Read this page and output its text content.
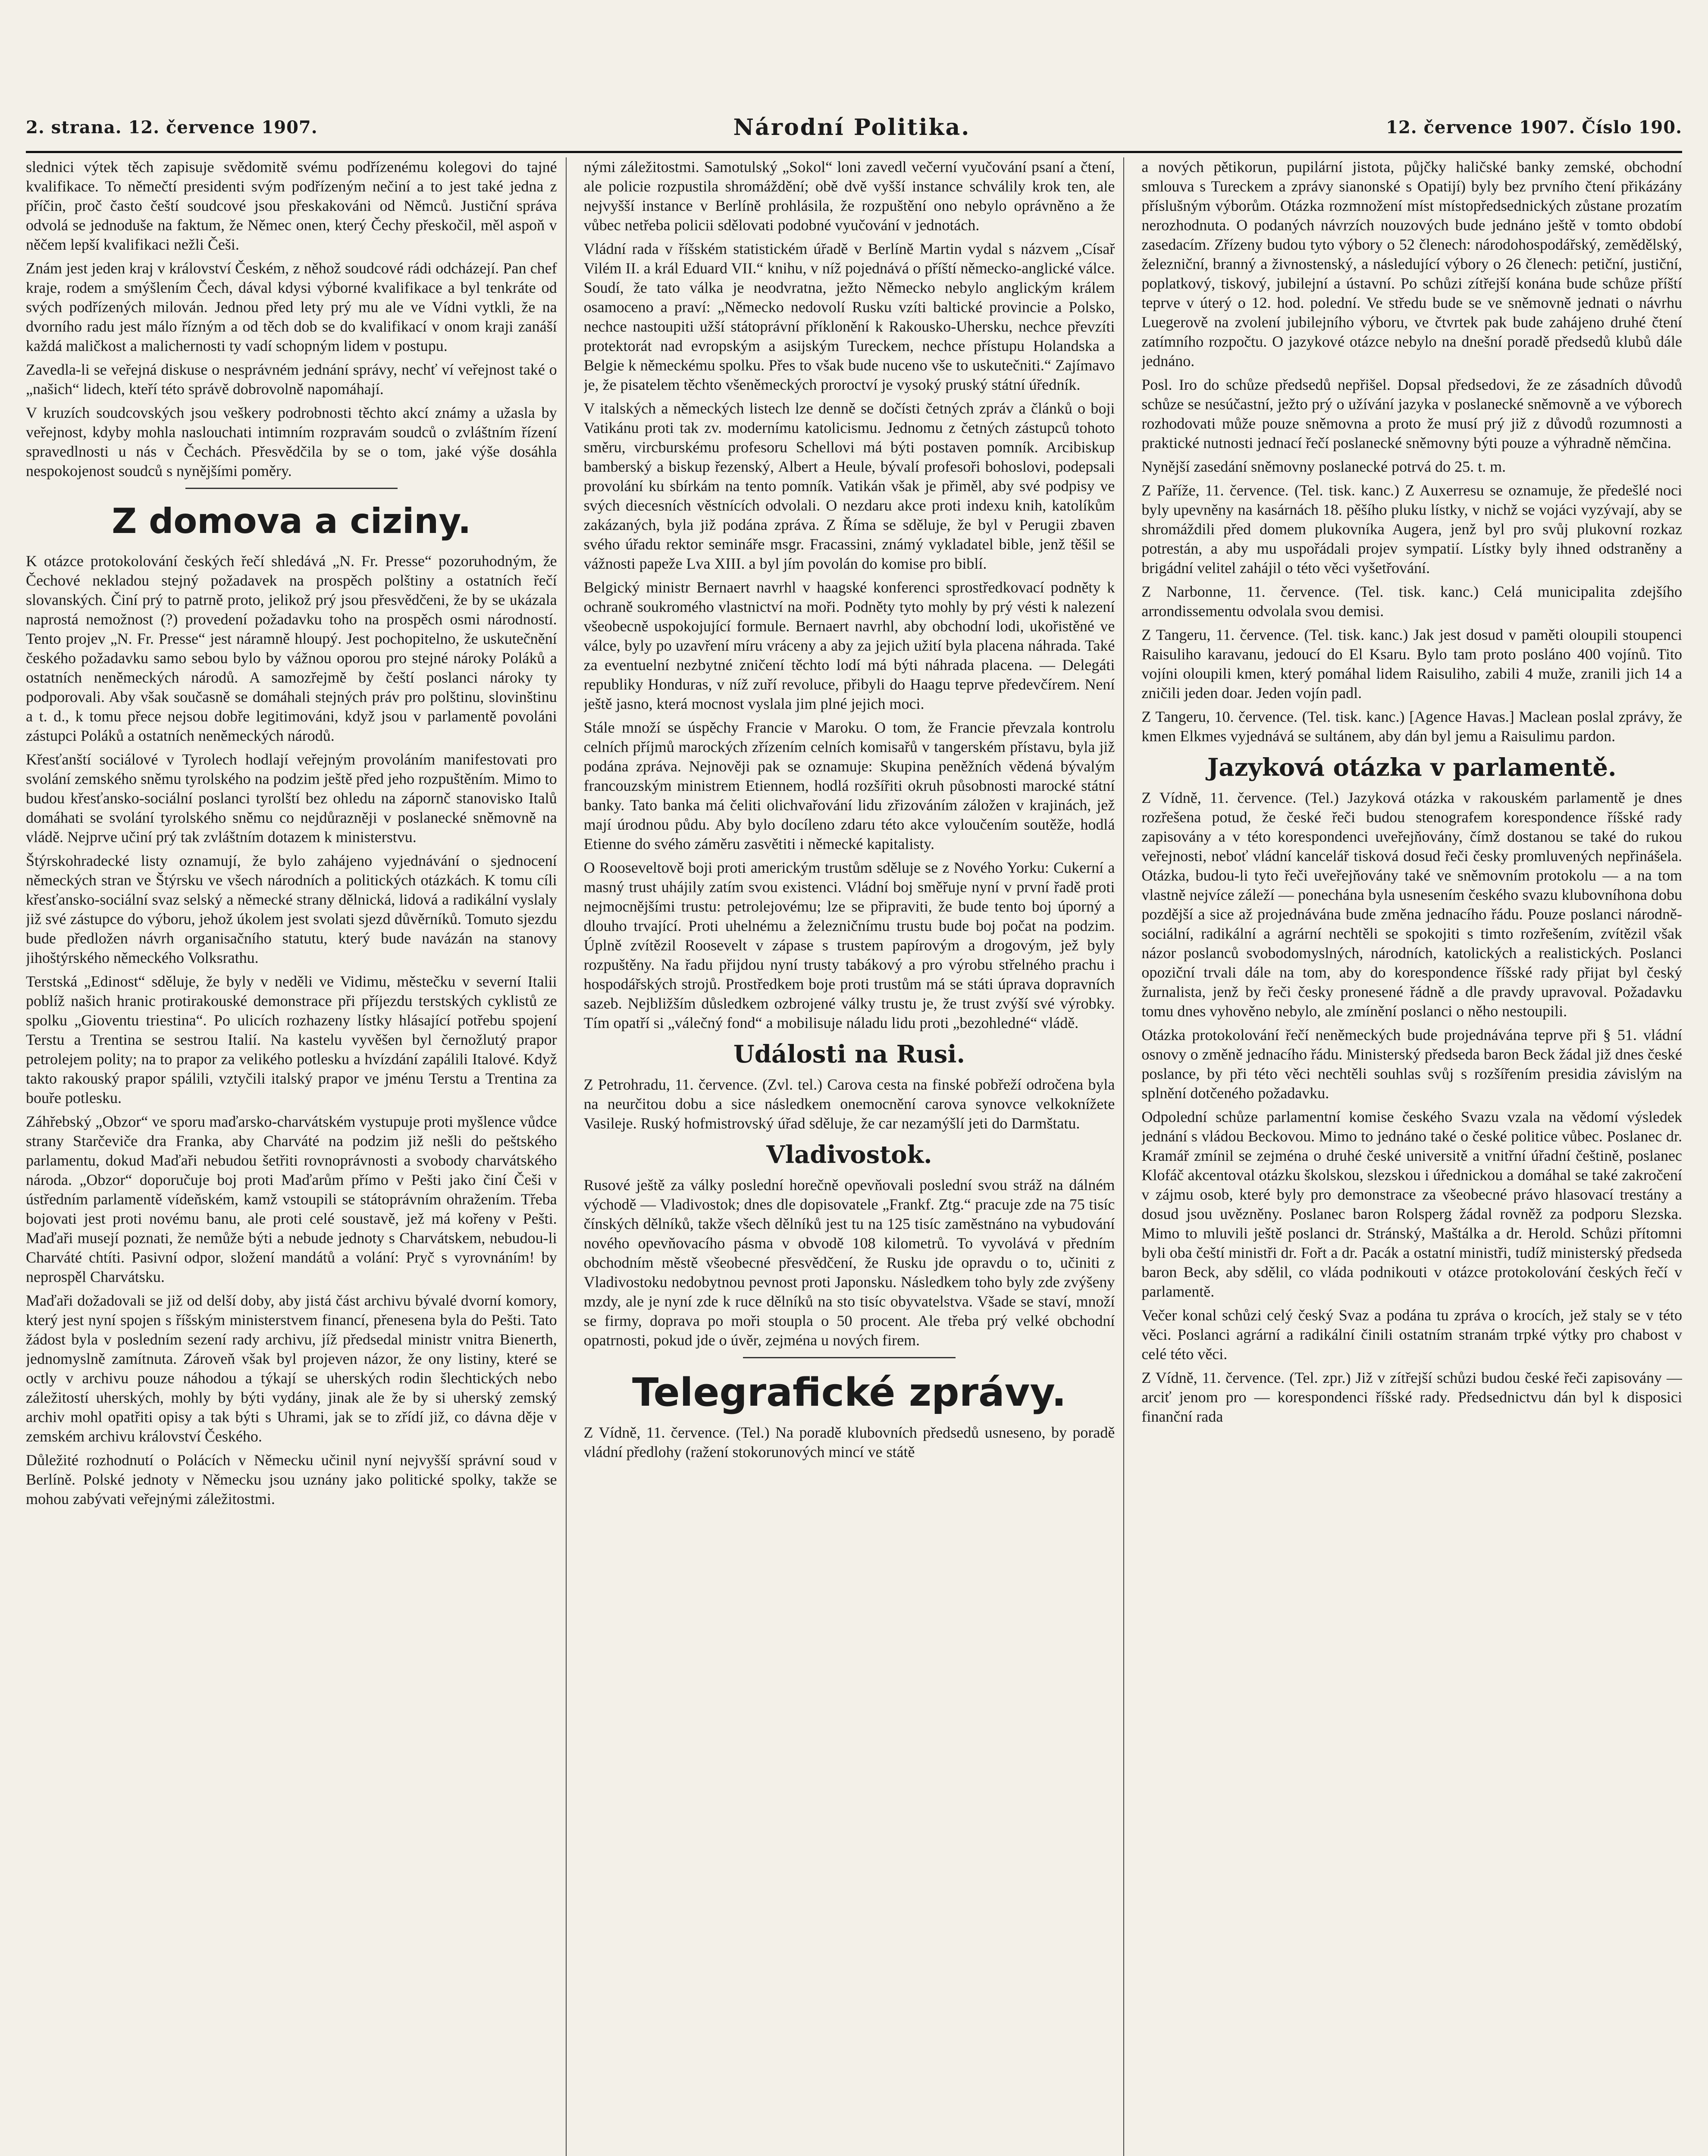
2. strana. 12. července 1907.	Národní Politika.	12. července 1907. Číslo 190.

slednici výtek těch zapisuje svědomitě svému podřízenému kolegovi do tajné kvalifikace. To němečtí presidenti svým podřízeným nečiní a to jest také jedna z příčin, proč často čeští soudcové jsou přeskakováni od Němců. Justiční správa odvolá se jednoduše na faktum, že Němec onen, který Čechy přeskočil, měl aspoň v něčem lepší kvalifikaci nežli Češi.

Znám jest jeden kraj v království Českém, z něhož soudcové rádi odcházejí. Pan chef kraje, rodem a smýšlením Čech, dával kdysi výborné kvalifikace a byl tenkráte od svých podřízených milován. Jednou před lety prý mu ale ve Vídni vytkli, že na dvorního radu jest málo řízným a od těch dob se do kvalifikací v onom kraji zanáší každá maličkost a malichernosti ty vadí schopným lidem v postupu.

Zavedla-li se veřejná diskuse o nesprávném jednání správy, nechť ví veřejnost také o „našich“ lidech, kteří této správě dobrovolně napomáhají.

V kruzích soudcovských jsou veškery podrobnosti těchto akcí známy a užasla by veřejnost, kdyby mohla naslouchati intimním rozpravám soudců o zvláštním řízení spravedlnosti u nás v Čechách. Přesvědčila by se o tom, jaké výše dosáhla nespokojenost soudců s nynějšími poměry.

Z domova a ciziny.

K otázce protokolování českých řečí shledává „N. Fr. Presse“ pozoruhodným, že Čechové nekladou stejný požadavek na prospěch polštiny a ostatních řečí slovanských. Činí prý to patrně proto, jelikož prý jsou přesvědčeni, že by se ukázala naprostá nemožnost (?) provedení požadavku toho na prospěch osmi národností. Tento projev „N. Fr. Presse“ jest náramně hloupý. Jest pochopitelno, že uskutečnění českého požadavku samo sebou bylo by vážnou oporou pro stejné nároky Poláků a ostatních neněmeckých národů. A samozřejmě by čeští poslanci nároky ty podporovali. Aby však současně se domáhali stejných práv pro polštinu, slovinštinu a t. d., k tomu přece nejsou dobře legitimováni, když jsou v parlamentě povoláni zástupci Poláků a ostatních neněmeckých národů.

Křesťanští sociálové v Tyrolech hodlají veřejným provoláním manifestovati pro svolání zemského sněmu tyrolského na podzim ještě před jeho rozpuštěním. Mimo to budou křesťansko-sociální poslanci tyrolští bez ohledu na zápornč stanovisko Italů domáhati se svolání tyrolského sněmu co nejdůrazněji v poslanecké sněmovně na vládě. Nejprve učiní prý tak zvláštním dotazem k ministerstvu.

Štýrskohradecké listy oznamují, že bylo zahájeno vyjednávání o sjednocení německých stran ve Štýrsku ve všech národních a politických otázkách. K tomu cíli křesťansko-sociální svaz selský a německé strany dělnická, lidová a radikální vyslaly již své zástupce do výboru, jehož úkolem jest svolati sjezd důvěrníků. Tomuto sjezdu bude předložen návrh organisačního statutu, který bude navázán na stanovy jihoštýrského německého Volksrathu.

Terstská „Edinost“ sděluje, že byly v neděli ve Vidimu, městečku v severní Italii poblíž našich hranic protirakouské demonstrace při příjezdu terstských cyklistů ze spolku „Gioventu triestina“. Po ulicích rozhazeny lístky hlásající potřebu spojení Terstu a Trentina se sestrou Italií. Na kastelu vyvěšen byl černožlutý prapor petrolejem polity; na to prapor za velikého potlesku a hvízdání zapálili Italové. Když takto rakouský prapor spálili, vztyčili italský prapor ve jménu Terstu a Trentina za bouře potlesku.

Záhřebský „Obzor“ ve sporu maďarsko-charvátském vystupuje proti myšlence vůdce strany Starčeviče dra Franka, aby Charváté na podzim již nešli do peštského parlamentu, dokud Maďaři nebudou šetřiti rovnoprávnosti a svobody charvátského národa. „Obzor“ doporučuje boj proti Maďarům přímo v Pešti jako činí Češi v ústředním parlamentě vídeňském, kamž vstoupili se státoprávním ohražením. Třeba bojovati jest proti novému banu, ale proti celé soustavě, jež má kořeny v Pešti. Maďaři musejí poznati, že nemůže býti a nebude jednoty s Charvátskem, nebudou-li Charváté chtíti. Pasivní odpor, složení mandátů a volání: Pryč s vyrovnáním! by neprospěl Charvátsku.

Maďaři dožadovali se již od delší doby, aby jistá část archivu bývalé dvorní komory, který jest nyní spojen s říšským ministerstvem financí, přenesena byla do Pešti. Tato žádost byla v posledním sezení rady archivu, jíž předsedal ministr vnitra Bienerth, jednomyslně zamítnuta. Zároveň však byl projeven názor, že ony listiny, které se octly v archivu pouze náhodou a týkají se uherských rodin šlechtických nebo záležitostí uherských, mohly by býti vydány, jinak ale že by si uherský zemský archiv mohl opatřiti opisy a tak býti s Uhrami, jak se to zřídí již, co dávna děje v zemském archivu království Českého.

Důležité rozhodnutí o Polácích v Německu učinil nyní nejvyšší správní soud v Berlíně. Polské jednoty v Německu jsou uznány jako politické spolky, takže se mohou zabývati veřejnými záležitostmi.

nými záležitostmi. Samotulský „Sokol“ loni zavedl večerní vyučování psaní a čtení, ale policie rozpustila shromáždění; obě dvě vyšší instance schválily krok ten, ale nejvyšší instance v Berlíně prohlásila, že rozpuštění ono nebylo oprávněno a že vůbec netřeba policii sdělovati podobné vyučování v jednotách.

Vládní rada v říšském statistickém úřadě v Berlíně Martin vydal s názvem „Císař Vilém II. a král Eduard VII.“ knihu, v níž pojednává o příští německo-anglické válce. Soudí, že tato válka je neodvratna, ježto Německo nebylo anglickým králem osamoceno a praví: „Německo nedovolí Rusku vzíti baltické provincie a Polsko, nechce nastoupiti užší státoprávní příklonění k Rakousko-Uhersku, nechce převzíti protektorát nad evropským a asijským Tureckem, nechce přístupu Holandska a Belgie k německému spolku. Přes to však bude nuceno vše to uskutečniti.“ Zajímavo je, že pisatelem těchto všeněmeckých proroctví je vysoký pruský státní úředník.

V italských a německých listech lze denně se dočísti četných zpráv a článků o boji Vatikánu proti tak zv. modernímu katolicismu. Jednomu z četných zástupců tohoto směru, vircburskému profesoru Schellovi má býti postaven pomník. Arcibiskup bamberský a biskup řezenský, Albert a Heule, bývalí profesoři bohoslovi, podepsali provolání ku sbírkám na tento pomník. Vatikán však je přiměl, aby své podpisy ve svých diecesních věstnících odvolali. O nezdaru akce proti indexu knih, katolíkům zakázaných, byla již podána zpráva. Z Říma se sděluje, že byl v Perugii zbaven svého úřadu rektor semináře msgr. Fracassini, známý vykladatel bible, jenž těšil se vážnosti papeže Lva XIII. a byl jím povolán do komise pro biblí.

Belgický ministr Bernaert navrhl v haagské konferenci sprostředkovací podněty k ochraně soukromého vlastnictví na moři. Podněty tyto mohly by prý vésti k nalezení všeobecně uspokojující formule. Bernaert navrhl, aby obchodní lodi, ukořistěné ve válce, byly po uzavření míru vráceny a aby za jejich užití byla placena náhrada. Také za eventuelní nezbytné zničení těchto lodí má býti náhrada placena. — Delegáti republiky Honduras, v níž zuří revoluce, přibyli do Haagu teprve předevčírem. Není ještě jasno, která mocnost vyslala jim plné jejich moci.

Stále množí se úspěchy Francie v Maroku. O tom, že Francie převzala kontrolu celních příjmů marockých zřízením celních komisařů v tangerském přístavu, byla již podána zpráva. Nejnověji pak se oznamuje: Skupina peněžních vědená bývalým francouzským ministrem Etiennem, hodlá rozšířiti okruh působnosti marocké státní banky. Tato banka má čeliti olichvařování lidu zřizováním záložen v krajinách, jež mají úrodnou půdu. Aby bylo docíleno zdaru této akce vyloučením soutěže, hodlá Etienne do svého záměru zasvětiti i německé kapitalisty.

O Rooseveltově boji proti americkým trustům sděluje se z Nového Yorku: Cukerní a masný trust uhájily zatím svou existenci. Vládní boj směřuje nyní v první řadě proti nejmocnějšími trustu: petrolejovému; lze se připraviti, že bude tento boj úporný a dlouho trvající. Proti uhelnému a železničnímu trustu bude boj počat na podzim. Úplně zvítězil Roosevelt v zápase s trustem papírovým a drogovým, jež byly rozpuštěny. Na řadu přijdou nyní trusty tabákový a pro výrobu střelného prachu i hospodářských strojů. Prostředkem boje proti trustům má se státi úprava dopravních sazeb. Nejbližším důsledkem ozbrojené války trustu je, že trust zvýší své výrobky. Tím opatří si „válečný fond“ a mobilisuje náladu lidu proti „bezohledné“ vládě.

Události na Rusi.

Z Petrohradu, 11. července. (Zvl. tel.) Carova cesta na finské pobřeží odročena byla na neurčitou dobu a sice následkem onemocnění carova synovce velkoknížete Vasileje. Ruský hofmistrovský úřad sděluje, že car nezamýšlí jeti do Darmštatu.

Vladivostok.

Rusové ještě za války poslední horečně opevňovali poslední svou stráž na dálném východě — Vladivostok; dnes dle dopisovatele „Frankf. Ztg.“ pracuje zde na 75 tisíc čínských dělníků, takže všech dělníků jest tu na 125 tisíc zaměstnáno na vybudování nového opevňovacího pásma v obvodě 108 kilometrů. To vyvolává v předním obchodním městě všeobecné přesvědčení, že Rusku jde opravdu o to, učiniti z Vladivostoku nedobytnou pevnost proti Japonsku. Následkem toho byly zde zvýšeny mzdy, ale je nyní zde k ruce dělníků na sto tisíc obyvatelstva. Všade se staví, množí se firmy, doprava po moři stoupla o 50 procent. Ale třeba prý velké obchodní opatrnosti, pokud jde o úvěr, zejména u nových firem.

Telegrafické zprávy.

Z Vídně, 11. července. (Tel.) Na poradě klubovních předsedů usneseno, by poradě vládní předlohy (ražení stokorunových mincí ve státě

a nových pětikorun, pupilární jistota, půjčky haličské banky zemské, obchodní smlouva s Tureckem a zprávy sianonské s Opatijí) byly bez prvního čtení přikázány příslušným výborům. Otázka rozmnožení míst místopředsednických zůstane prozatím nerozhodnuta. O podaných návrzích nouzových bude jednáno ještě v tomto období zasedacím. Zřízeny budou tyto výbory o 52 členech: národohospodářský, zemědělský, železniční, branný a živnostenský, a následující výbory o 26 členech: petiční, justiční, poplatkový, tiskový, jubilejní a ústavní. Po schůzi zítřejší konána bude schůze příští teprve v úterý o 12. hod. polední. Ve středu bude se ve sněmovně jednati o návrhu Luegerově na zvolení jubilejního výboru, ve čtvrtek pak bude zahájeno druhé čtení zatímního rozpočtu. O jazykové otázce nebylo na dnešní poradě předsedů klubů dále jednáno.

Posl. Iro do schůze předsedů nepřišel. Dopsal předsedovi, že ze zásadních důvodů schůze se nesúčastní, ježto prý o užívání jazyka v poslanecké sněmovně a ve výborech rozhodovati může pouze sněmovna a proto že musí prý již z důvodů rozumnosti a praktické nutnosti jednací řečí poslanecké sněmovny býti pouze a výhradně němčina.

Nynější zasedání sněmovny poslanecké potrvá do 25. t. m.

Z Paříže, 11. července. (Tel. tisk. kanc.) Z Auxerresu se oznamuje, že předešlé noci byly upevněny na kasárnách 18. pěšího pluku lístky, v nichž se vojáci vyzývají, aby se shromáždili před domem plukovníka Augera, jenž byl pro svůj plukovní rozkaz potrestán, a aby mu uspořádali projev sympatií. Lístky byly ihned odstraněny a brigádní velitel zahájil o této věci vyšetřování.

Z Narbonne, 11. července. (Tel. tisk. kanc.) Celá municipalita zdejšího arrondissementu odvolala svou demisi.

Z Tangeru, 11. července. (Tel. tisk. kanc.) Jak jest dosud v paměti oloupili stoupenci Raisuliho karavanu, jedoucí do El Ksaru. Bylo tam proto posláno 400 vojínů. Tito vojíni oloupili kmen, který pomáhal lidem Raisuliho, zabili 4 muže, zranili jich 14 a zničili jeden doar. Jeden vojín padl.

Z Tangeru, 10. července. (Tel. tisk. kanc.) [Agence Havas.] Maclean poslal zprávy, že kmen Elkmes vyjednává se sultánem, aby dán byl jemu a Raisulimu pardon.

Jazyková otázka v parlamentě.

Z Vídně, 11. července. (Tel.) Jazyková otázka v rakouském parlamentě je dnes rozřešena potud, že české řeči budou stenografem korespondence říšské rady zapisovány a v této korespondenci uveřejňovány, čímž dostanou se také do rukou veřejnosti, neboť vládní kancelář tisková dosud řeči česky promluvených nepřinášela. Otázka, budou-li tyto řeči uveřejňovány také ve sněmovním protokolu — a na tom vlastně nejvíce záleží — ponechána byla usnesením českého svazu klubovníhona dobu pozdější a sice až projednávána bude změna jednacího řádu. Pouze poslanci národně-sociální, radikální a agrární nechtěli se spokojiti s timto rozřešením, zvítězil však názor poslanců svobodomyslných, národních, katolických a realistických. Poslanci opoziční trvali dále na tom, aby do korespondence říšské rady přijat byl český žurnalista, jenž by řeči česky pronesené řádně a dle pravdy upravoval. Požadavku tomu dnes vyhověno nebylo, ale zmínění poslanci o něho nestoupili.

Otázka protokolování řečí neněmeckých bude projednávána teprve při § 51. vládní osnovy o změně jednacího řádu. Ministerský předseda baron Beck žádal již dnes české poslance, by při této věci nechtěli souhlas svůj s rozšířením presidia závislým na splnění dotčeného požadavku.

Odpolední schůze parlamentní komise českého Svazu vzala na vědomí výsledek jednání s vládou Beckovou. Mimo to jednáno také o české politice vůbec. Poslanec dr. Kramář zmínil se zejména o druhé české universitě a vnitřní úřadní češtině, poslanec Klofáč akcentoval otázku školskou, slezskou i úřednickou a domáhal se také zakročení v zájmu osob, které byly pro demonstrace za všeobecné právo hlasovací trestány a dosud jsou uvězněny. Poslanec baron Rolsperg žádal rovněž za podporu Slezska. Mimo to mluvili ještě poslanci dr. Stránský, Maštálka a dr. Herold. Schůzi přítomni byli oba čeští ministři dr. Fořt a dr. Pacák a ostatní ministři, tudíž ministerský předseda baron Beck, aby sdělil, co vláda podnikouti v otázce protokolování českých řečí v parlamentě.

Večer konal schůzi celý český Svaz a podána tu zpráva o krocích, jež staly se v této věci. Poslanci agrární a radikální činili ostatním stranám trpké výtky pro chabost v celé této věci.

Z Vídně, 11. července. (Tel. zpr.) Již v zítřejší schůzi budou české řeči zapisovány — arciť jenom pro — korespondenci říšské rady. Předsednictvu dán byl k disposici finanční rada
